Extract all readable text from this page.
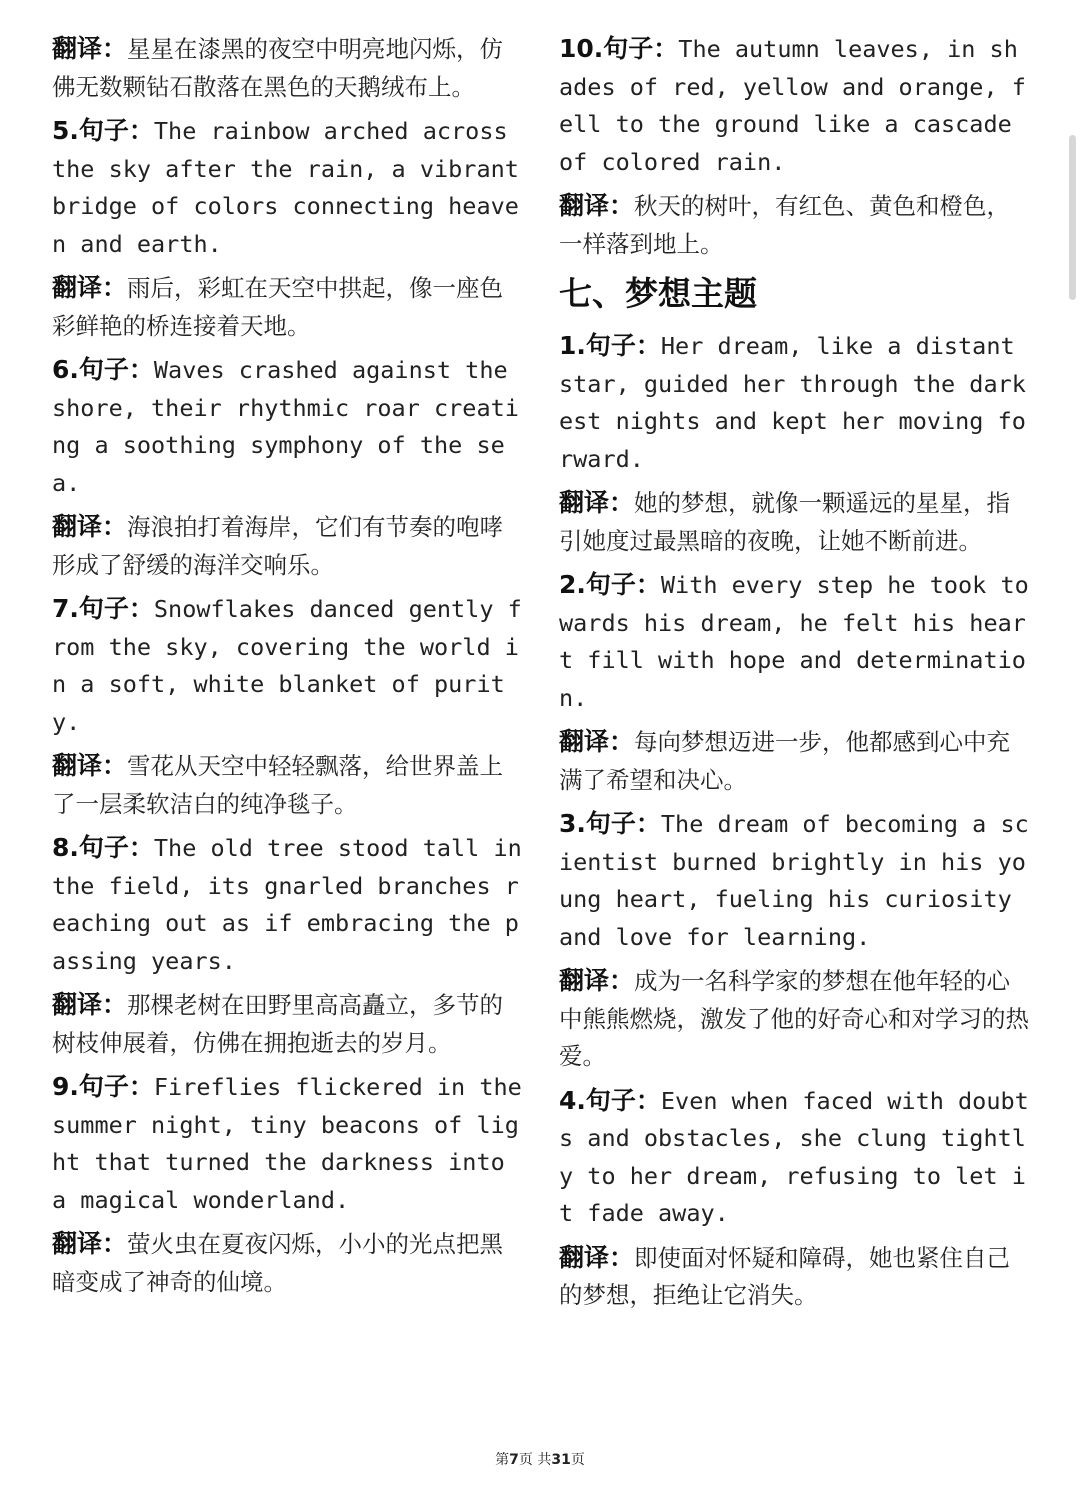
翻译：星星在漆黑的夜空中明亮地闪烁，仿佛无数颗钻石散落在黑色的天鹅绒布上。
5.句子：The rainbow arched across the sky after the rain, a vibrant bridge of colors connecting heaven and earth.
翻译：雨后，彩虹在天空中拱起，像一座色彩鲜艳的桥连接着天地。
6.句子：Waves crashed against the shore, their rhythmic roar creating a soothing symphony of the sea.
翻译：海浪拍打着海岸，它们有节奏的咆哮形成了舒缓的海洋交响乐。
7.句子：Snowflakes danced gently from the sky, covering the world in a soft, white blanket of purity.
翻译：雪花从天空中轻轻飘落，给世界盖上了一层柔软洁白的纯净毯子。
8.句子：The old tree stood tall in the field, its gnarled branches reaching out as if embracing the passing years.
翻译：那棵老树在田野里高高矗立，多节的树枝伸展着，仿佛在拥抱逝去的岁月。
9.句子：Fireflies flickered in the summer night, tiny beacons of light that turned the darkness into a magical wonderland.
翻译：萤火虫在夏夜闪烁，小小的光点把黑暗变成了神奇的仙境。
10.句子：The autumn leaves, in shades of red, yellow and orange, fell to the ground like a cascade of colored rain.
翻译：秋天的树叶，有红色、黄色和橙色，一样落到地上。
七、梦想主题
1.句子：Her dream, like a distant star, guided her through the darkest nights and kept her moving forward.
翻译：她的梦想，就像一颗遥远的星星，指引她度过最黑暗的夜晚，让她不断前进。
2.句子：With every step he took towards his dream, he felt his heart fill with hope and determination.
翻译：每向梦想迈进一步，他都感到心中充满了希望和决心。
3.句子：The dream of becoming a scientist burned brightly in his young heart, fueling his curiosity and love for learning.
翻译：成为一名科学家的梦想在他年轻的心中熊熊燃烧，激发了他的好奇心和对学习的热爱。
4.句子：Even when faced with doubts and obstacles, she clung tightly to her dream, refusing to let it fade away.
翻译：即使面对怀疑和障碍，她也紧住自己的梦想，拒绝让它消失。
第7页 共31页
